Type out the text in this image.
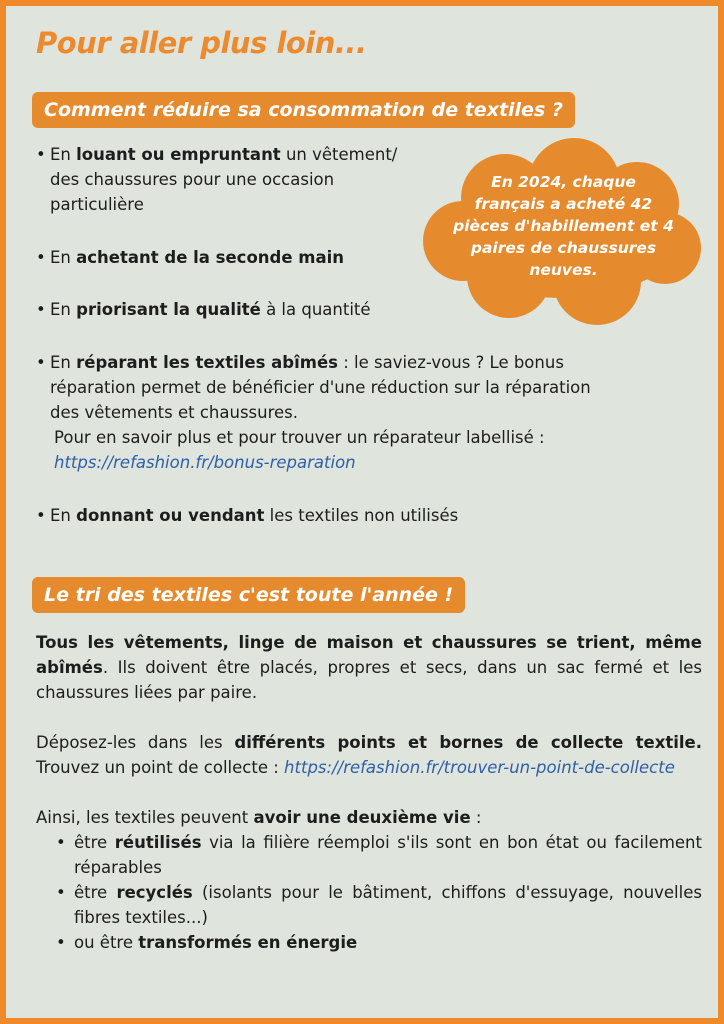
Pour aller plus loin...
Comment réduire sa consommation de textiles ?
• En louant ou empruntant un vêtement/
des chaussures pour une occasion
particulière
• En achetant de la seconde main
• En priorisant la qualité à la quantité
• En réparant les textiles abîmés : le saviez-vous ? Le bonus
réparation permet de bénéficier d'une réduction sur la réparation
des vêtements et chaussures.
Pour en savoir plus et pour trouver un réparateur labellisé :
https://refashion.fr/bonus-reparation
• En donnant ou vendant les textiles non utilisés
En 2024, chaque
français a acheté 42
pièces d'habillement et 4
paires de chaussures
neuves.
Le tri des textiles c'est toute l'année !

Tous les vêtements, linge de maison et chaussures se trient, même abîmés. Ils doivent être placés, propres et secs, dans un sac fermé et les chaussures liées par paire.

Déposez-les dans les différents points et bornes de collecte textile. Trouvez un point de collecte : https://refashion.fr/trouver-un-point-de-collecte

Ainsi, les textiles peuvent avoir une deuxième vie :

• être réutilisés via la filière réemploi s'ils sont en bon état ou facilement réparables
• être recyclés (isolants pour le bâtiment, chiffons d'essuyage, nouvelles fibres textiles...)
• ou être transformés en énergie
